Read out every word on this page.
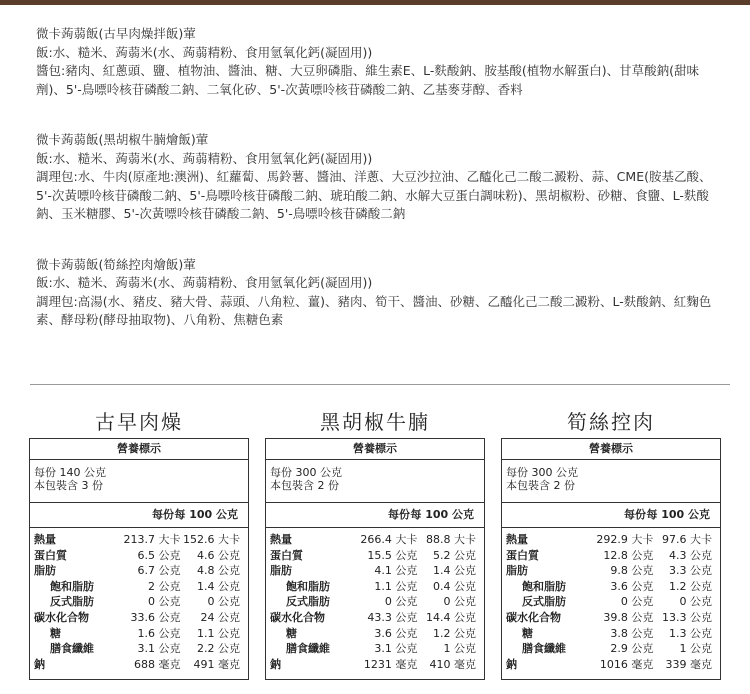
微卡蒟蒻飯(古早肉燥拌飯)葷

飯:水、糙米、蒟蒻米(水、蒟蒻精粉、食用氫氧化鈣(凝固用))

醬包:豬肉、紅蔥頭、鹽、植物油、醬油、糖、大豆卵磷脂、維生素E、L-麩酸鈉、胺基酸(植物水解蛋白)、甘草酸鈉(甜味劑)、5'-鳥嘌呤核苷磷酸二鈉、二氧化矽、5'-次黃嘌呤核苷磷酸二鈉、乙基麥芽醇、香料

微卡蒟蒻飯(黑胡椒牛腩燴飯)葷

飯:水、糙米、蒟蒻米(水、蒟蒻精粉、食用氫氧化鈣(凝固用))

調理包:水、牛肉(原產地:澳洲)、紅蘿蔔、馬鈴薯、醬油、洋蔥、大豆沙拉油、乙醯化己二酸二澱粉、蒜、CME(胺基乙酸、5'-次黃嘌呤核苷磷酸二鈉、5'-鳥嘌呤核苷磷酸二鈉、琥珀酸二鈉、水解大豆蛋白調味粉)、黑胡椒粉、砂糖、食鹽、L-麩酸鈉、玉米糖膠、5'-次黃嘌呤核苷磷酸二鈉、5'-鳥嘌呤核苷磷酸二鈉

微卡蒟蒻飯(筍絲控肉燴飯)葷

飯:水、糙米、蒟蒻米(水、蒟蒻精粉、食用氫氧化鈣(凝固用))

調理包:高湯(水、豬皮、豬大骨、蒜頭、八角粒、薑)、豬肉、筍干、醬油、砂糖、乙醯化己二酸二澱粉、L-麩酸鈉、紅麴色素、酵母粉(酵母抽取物)、八角粉、焦糖色素

古早肉燥	黑胡椒牛腩	筍絲控肉
營養標示
每份 140 公克
本包裝含 3 份
每份 每 100 公克
熱量	213.7 大卡	152.6 大卡
蛋白質	6.5 公克	4.6 公克
脂肪	6.7 公克	4.8 公克
飽和脂肪	2 公克	1.4 公克
反式脂肪	0 公克	0 公克
碳水化合物	33.6 公克	24 公克
糖	1.6 公克	1.1 公克
膳食纖維	3.1 公克	2.2 公克
鈉	688 毫克	491 毫克
營養標示
每份 300 公克
本包裝含 2 份
每份 每 100 公克
熱量	266.4 大卡	88.8 大卡
蛋白質	15.5 公克	5.2 公克
脂肪	4.1 公克	1.4 公克
飽和脂肪	1.1 公克	0.4 公克
反式脂肪	0 公克	0 公克
碳水化合物	43.3 公克	14.4 公克
糖	3.6 公克	1.2 公克
膳食纖維	3.1 公克	1 公克
鈉	1231 毫克	410 毫克
營養標示
每份 300 公克
本包裝含 2 份
每份 每 100 公克
熱量	292.9 大卡	97.6 大卡
蛋白質	12.8 公克	4.3 公克
脂肪	9.8 公克	3.3 公克
飽和脂肪	3.6 公克	1.2 公克
反式脂肪	0 公克	0 公克
碳水化合物	39.8 公克	13.3 公克
糖	3.8 公克	1.3 公克
膳食纖維	2.9 公克	1 公克
鈉	1016 毫克	339 毫克
